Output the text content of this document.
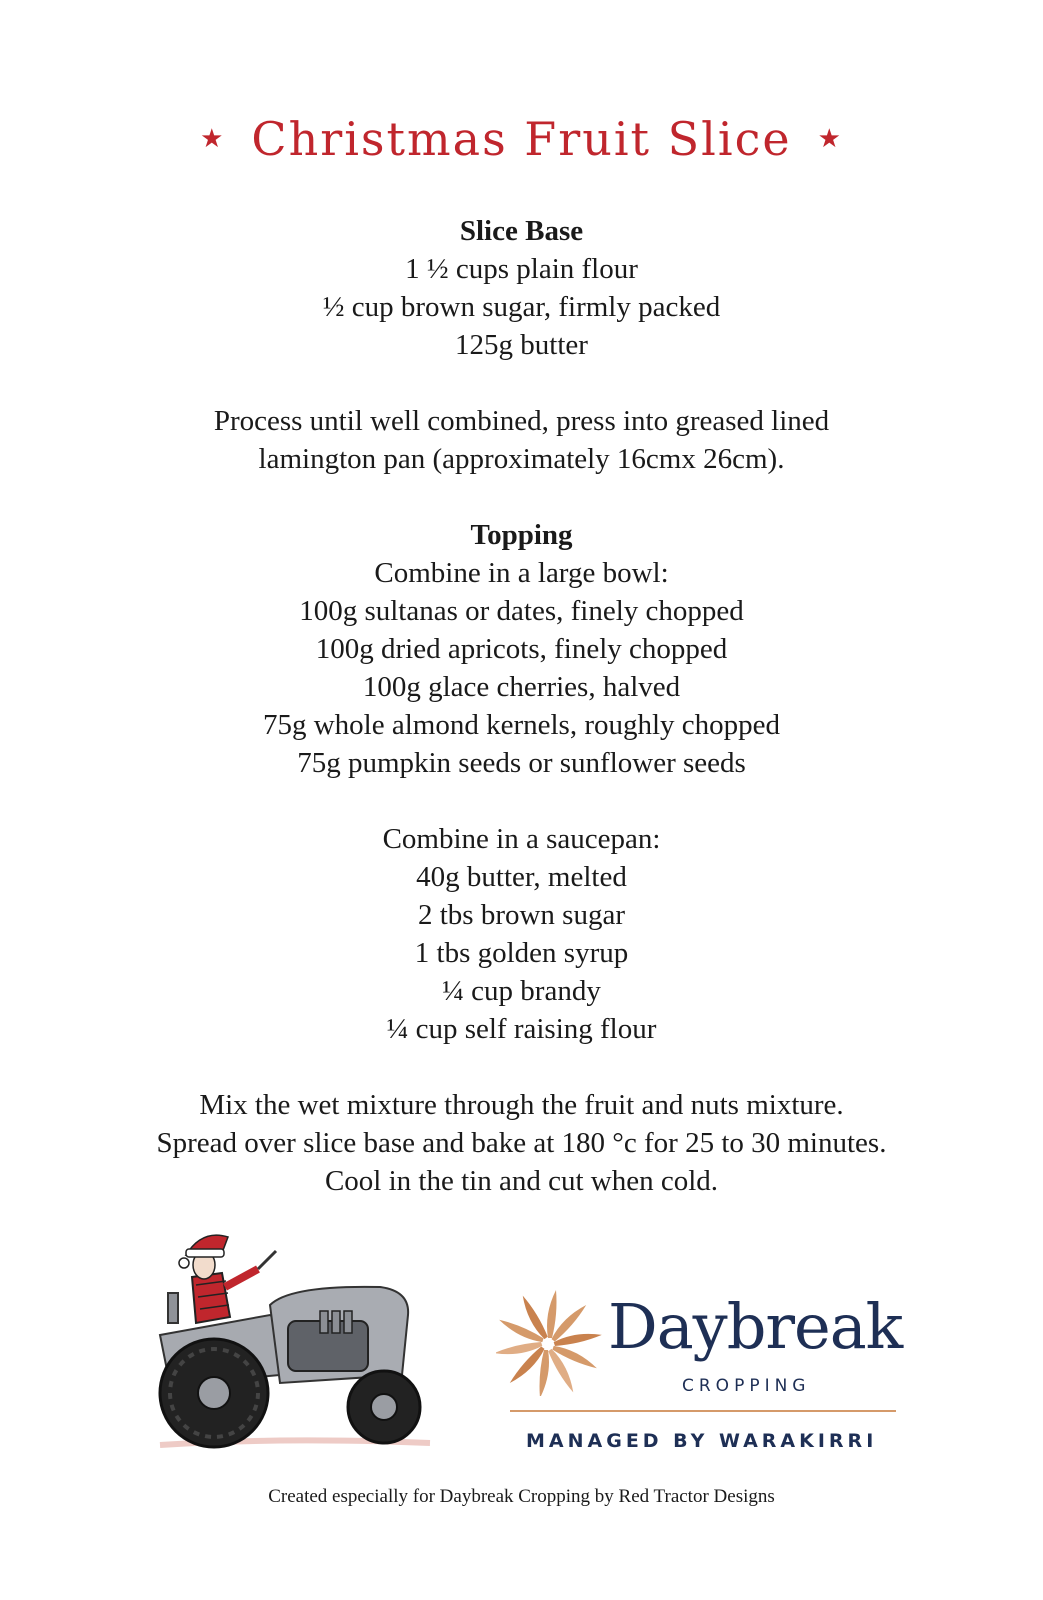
★ Christmas Fruit Slice ★
Slice Base
1 ½ cups plain flour
½ cup brown sugar, firmly packed
125g butter
Process until well combined, press into greased lined
lamington pan (approximately 16cmx 26cm).
Topping
Combine in a large bowl:
100g sultanas or dates, finely chopped
100g dried apricots, finely chopped
100g glace cherries, halved
75g whole almond kernels, roughly chopped
75g pumpkin seeds or sunflower seeds
Combine in a saucepan:
40g butter, melted
2 tbs brown sugar
1 tbs golden syrup
¼ cup brandy
¼ cup self raising flour
Mix the wet mixture through the fruit and nuts mixture.
Spread over slice base and bake at 180 °c for 25 to 30 minutes.
Cool in the tin and cut when cold.
Daybreak
CROPPING
MANAGED BY WARAKIRRI
Created especially for Daybreak Cropping by Red Tractor Designs
